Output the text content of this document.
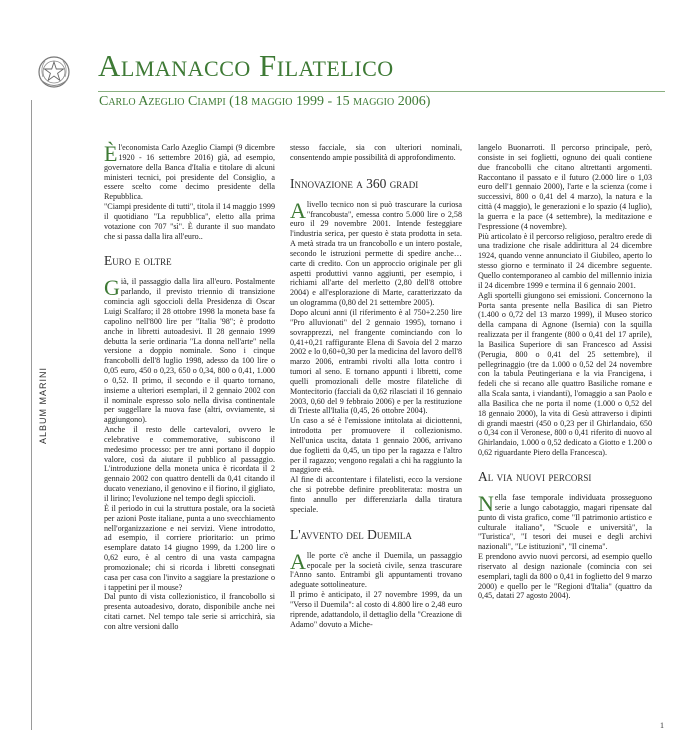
ALBUM MARINI
Almanacco Filatelico
Carlo Azeglio Ciampi (18 maggio 1999 - 15 maggio 2006)

Èl'economista Carlo Azeglio Ciampi (9 dicembre 1920 - 16 settembre 2016) già, ad esempio, governatore della Banca d'Italia e titolare di alcuni ministeri tecnici, poi presidente del Consiglio, a essere scelto come decimo presidente della Repubblica.

"Ciampi presidente di tutti", titola il 14 maggio 1999 il quotidiano "La repubblica", eletto alla prima votazione con 707 "sì". È durante il suo mandato che si passa dalla lira all'euro..

Euro e oltre

Già, il passaggio dalla lira all'euro. Postalmente parlando, il previsto triennio di transizione comincia agli sgoccioli della Presidenza di Oscar Luigi Scalfaro; il 28 ottobre 1998 la moneta base fa capolino nell'800 lire per "Italia '98"; è prodotto anche in libretti autoadesivi. Il 28 gennaio 1999 debutta la serie ordinaria "La donna nell'arte" nella versione a doppio nominale. Sono i cinque francobolli dell'8 luglio 1998, adesso da 100 lire o 0,05 euro, 450 o 0,23, 650 o 0,34, 800 o 0,41, 1.000 o 0,52. Il primo, il secondo e il quarto tornano, insieme a ulteriori esemplari, il 2 gennaio 2002 con il nominale espresso solo nella divisa continentale per suggellare la nuova fase (altri, ovviamente, si aggiungono).

Anche il resto delle cartevalori, ovvero le celebrative e commemorative, subiscono il medesimo processo: per tre anni portano il doppio valore, così da aiutare il pubblico al passaggio. L'introduzione della moneta unica è ricordata il 2 gennaio 2002 con quattro dentelli da 0,41 citando il ducato veneziano, il genovino e il fiorino, il gigliato, il lirino; l'evoluzione nel tempo degli spiccioli.

È il periodo in cui la struttura postale, ora la società per azioni Poste italiane, punta a uno svecchiamento nell'organizzazione e nei servizi. Viene introdotto, ad esempio, il corriere prioritario: un primo esemplare datato 14 giugno 1999, da 1.200 lire o 0,62 euro, è al centro di una vasta campagna promozionale; chi si ricorda i libretti consegnati casa per casa con l'invito a saggiare la prestazione o i tappetini per il mouse?

Dal punto di vista collezionistico, il francobollo si presenta autoadesivo, dorato, disponibile anche nei citati carnet. Nel tempo tale serie si arricchirà, sia con altre versioni dallo

stesso facciale, sia con ulteriori nominali, consentendo ampie possibilità di approfondimento.

Innovazione a 360 gradi

Alivello tecnico non si può trascurare la curiosa "francobusta", emessa contro 5.000 lire o 2,58 euro il 29 novembre 2001. Intende festeggiare l'industria serica, per questo è stata prodotta in seta. A metà strada tra un francobollo e un intero postale, secondo le istruzioni permette di spedire anche… carte di credito. Con un approccio originale per gli aspetti produttivi vanno aggiunti, per esempio, i richiami all'arte del merletto (2,80 dell'8 ottobre 2004) e all'esplorazione di Marte, caratterizzato da un ologramma (0,80 del 21 settembre 2005).

Dopo alcuni anni (il riferimento è al 750+2.250 lire "Pro alluvionati" del 2 gennaio 1995), tornano i sovrapprezzi, nel frangente cominciando con lo 0,41+0,21 raffigurante Elena di Savoia del 2 marzo 2002 e lo 0,60+0,30 per la medicina del lavoro dell'8 marzo 2006, entrambi rivolti alla lotta contro i tumori al seno. E tornano appunti i libretti, come quelli promozionali delle mostre filateliche di Montecitorio (facciali da 0,62 rilasciati il 16 gennaio 2003, 0,60 del 9 febbraio 2006) e per la restituzione di Trieste all'Italia (0,45, 26 ottobre 2004).

Un caso a sé è l'emissione intitolata ai diciottenni, introdotta per promuovere il collezionismo. Nell'unica uscita, datata 1 gennaio 2006, arrivano due foglietti da 0,45, un tipo per la ragazza e l'altro per il ragazzo; vengono regalati a chi ha raggiunto la maggiore età.

Al fine di accontentare i filatelisti, ecco la versione che si potrebbe definire preobliterata: mostra un finto annullo per differenziarla dalla tiratura speciale.

L'avvento del Duemila

Alle porte c'è anche il Duemila, un passaggio epocale per la società civile, senza trascurare l'Anno santo. Entrambi gli appuntamenti trovano adeguate sottolineature.

Il primo è anticipato, il 27 novembre 1999, da un "Verso il Duemila": al costo di 4.800 lire o 2,48 euro riprende, adattandolo, il dettaglio della "Creazione di Adamo" dovuto a Miche-

langelo Buonarroti. Il percorso principale, però, consiste in sei foglietti, ognuno dei quali contiene due francobolli che citano altrettanti argomenti. Raccontano il passato e il futuro (2.000 lire o 1,03 euro dell'1 gennaio 2000), l'arte e la scienza (come i successivi, 800 o 0,41 del 4 marzo), la natura e la città (4 maggio), le generazioni e lo spazio (4 luglio), la guerra e la pace (4 settembre), la meditazione e l'espressione (4 novembre).

Più articolato è il percorso religioso, peraltro erede di una tradizione che risale addirittura al 24 dicembre 1924, quando venne annunciato il Giubileo, aperto lo stesso giorno e terminato il 24 dicembre seguente. Quello contemporaneo al cambio del millennio inizia il 24 dicembre 1999 e termina il 6 gennaio 2001.

Agli sportelli giungono sei emissioni. Concernono la Porta santa presente nella Basilica di san Pietro (1.400 o 0,72 del 13 marzo 1999), il Museo storico della campana di Agnone (Isernia) con la squilla realizzata per il frangente (800 o 0,41 del 17 aprile), la Basilica Superiore di san Francesco ad Assisi (Perugia, 800 o 0,41 del 25 settembre), il pellegrinaggio (tre da 1.000 o 0,52 del 24 novembre con la tabula Peutingeriana e la via Francigena, i fedeli che si recano alle quattro Basiliche romane e alla Scala santa, i viandanti), l'omaggio a san Paolo e alla Basilica che ne porta il nome (1.000 o 0,52 del 18 gennaio 2000), la vita di Gesù attraverso i dipinti di grandi maestri (450 o 0,23 per il Ghirlandaio, 650 o 0,34 con il Veronese, 800 o 0,41 riferito di nuovo al Ghirlandaio, 1.000 o 0,52 dedicato a Giotto e 1.200 o 0,62 riguardante Piero della Francesca).

Al via nuovi percorsi

Nella fase temporale individuata prosseguono serie a lungo cabotaggio, magari ripensate dal punto di vista grafico, come "Il patrimonio artistico e culturale italiano", "Scuole e università", la "Turistica", "I tesori dei musei e degli archivi nazionali", "Le istituzioni", "Il cinema".

E prendono avvio nuovi percorsi, ad esempio quello riservato al design nazionale (comincia con sei esemplari, tagli da 800 o 0,41 in foglietto del 9 marzo 2000) e quello per le "Regioni d'Italia" (quattro da 0,45, datati 27 agosto 2004).

1
